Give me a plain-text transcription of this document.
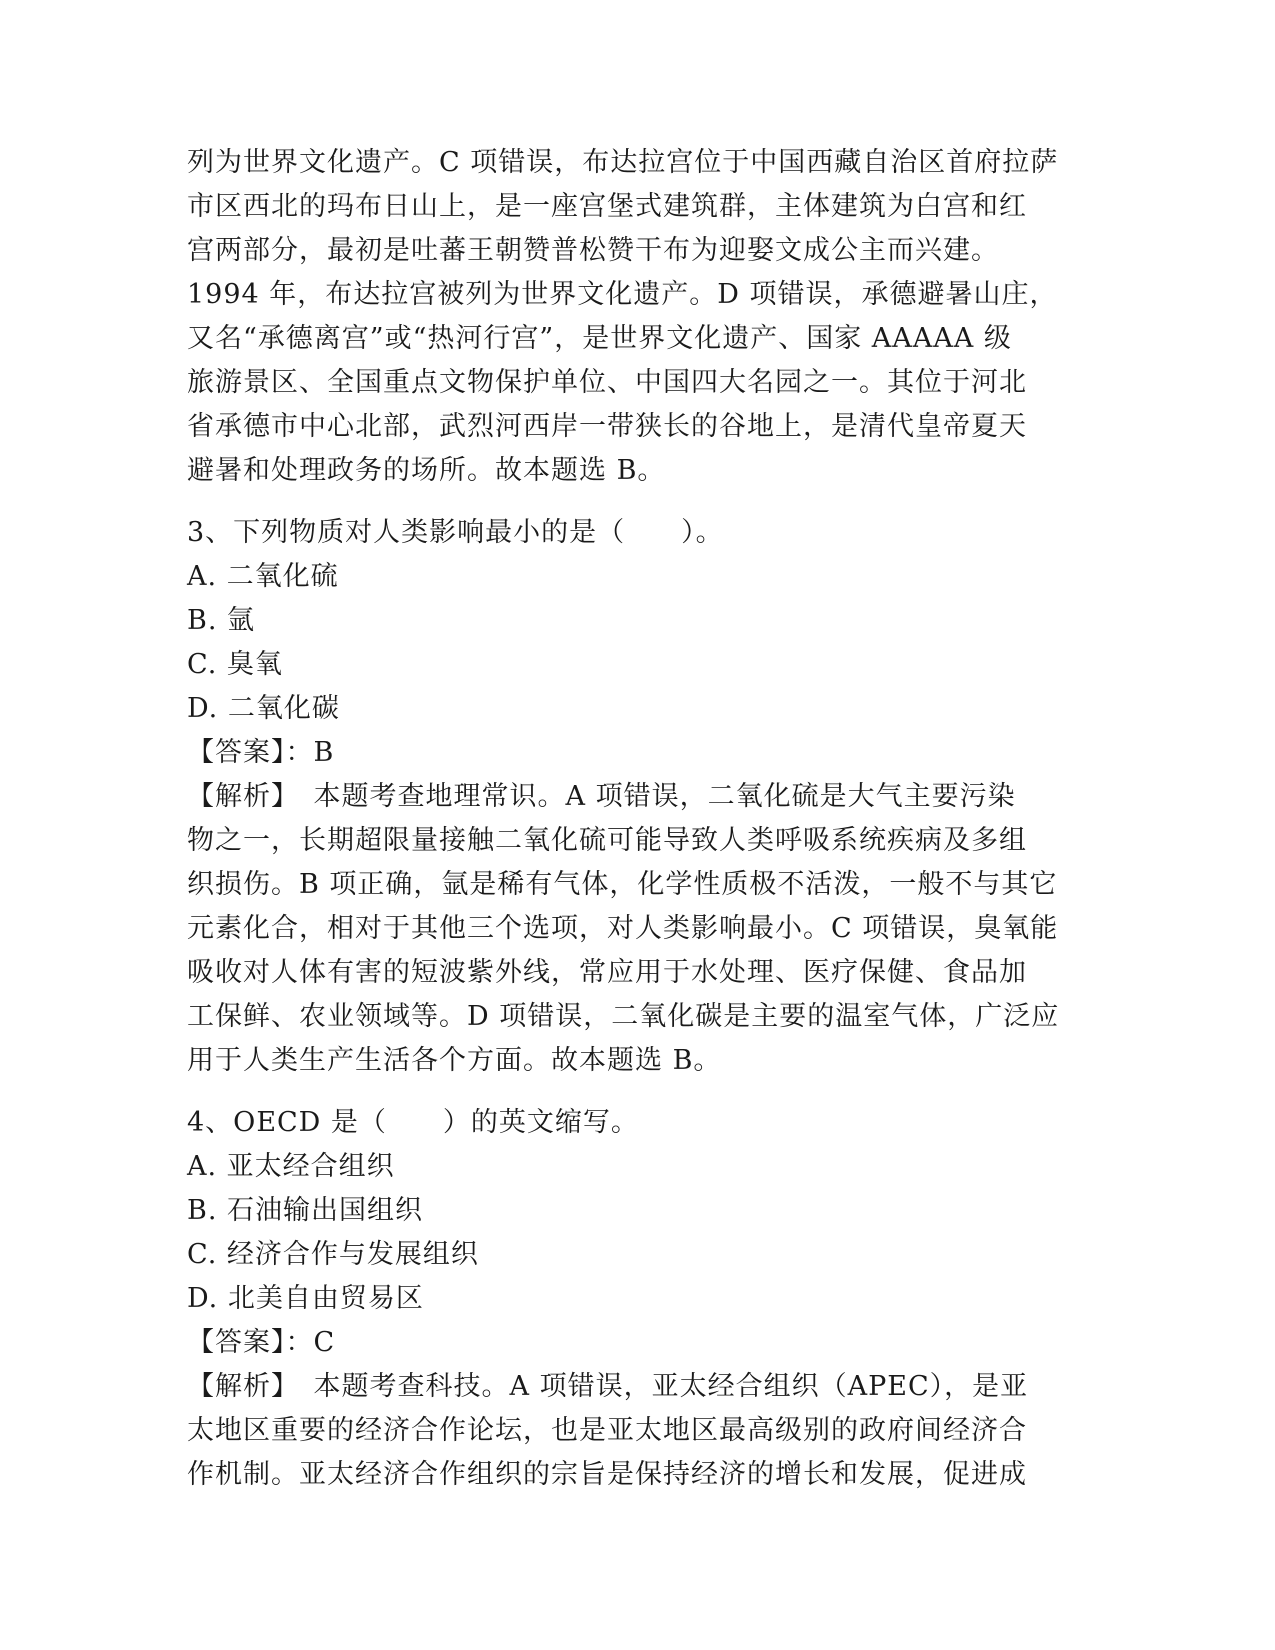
列为世界文化遗产。C 项错误，布达拉宫位于中国西藏自治区首府拉萨
市区西北的玛布日山上，是一座宫堡式建筑群，主体建筑为白宫和红
宫两部分，最初是吐蕃王朝赞普松赞干布为迎娶文成公主而兴建。
1994 年，布达拉宫被列为世界文化遗产。D 项错误，承德避暑山庄，
又名“承德离宫”或“热河行宫”，是世界文化遗产、国家 AAAAA 级
旅游景区、全国重点文物保护单位、中国四大名园之一。其位于河北
省承德市中心北部，武烈河西岸一带狭长的谷地上，是清代皇帝夏天
避暑和处理政务的场所。故本题选 B。
3、下列物质对人类影响最小的是（　　）。
A. 二氧化硫
B. 氩
C. 臭氧
D. 二氧化碳
【答案】：B
【解析】　本题考查地理常识。A 项错误，二氧化硫是大气主要污染
物之一，长期超限量接触二氧化硫可能导致人类呼吸系统疾病及多组
织损伤。B 项正确，氩是稀有气体，化学性质极不活泼，一般不与其它
元素化合，相对于其他三个选项，对人类影响最小。C 项错误，臭氧能
吸收对人体有害的短波紫外线，常应用于水处理、医疗保健、食品加
工保鲜、农业领域等。D 项错误，二氧化碳是主要的温室气体，广泛应
用于人类生产生活各个方面。故本题选 B。
4、OECD 是（　　）的英文缩写。
A. 亚太经合组织
B. 石油输出国组织
C. 经济合作与发展组织
D. 北美自由贸易区
【答案】：C
【解析】　本题考查科技。A 项错误，亚太经合组织（APEC），是亚
太地区重要的经济合作论坛，也是亚太地区最高级别的政府间经济合
作机制。亚太经济合作组织的宗旨是保持经济的增长和发展，促进成
